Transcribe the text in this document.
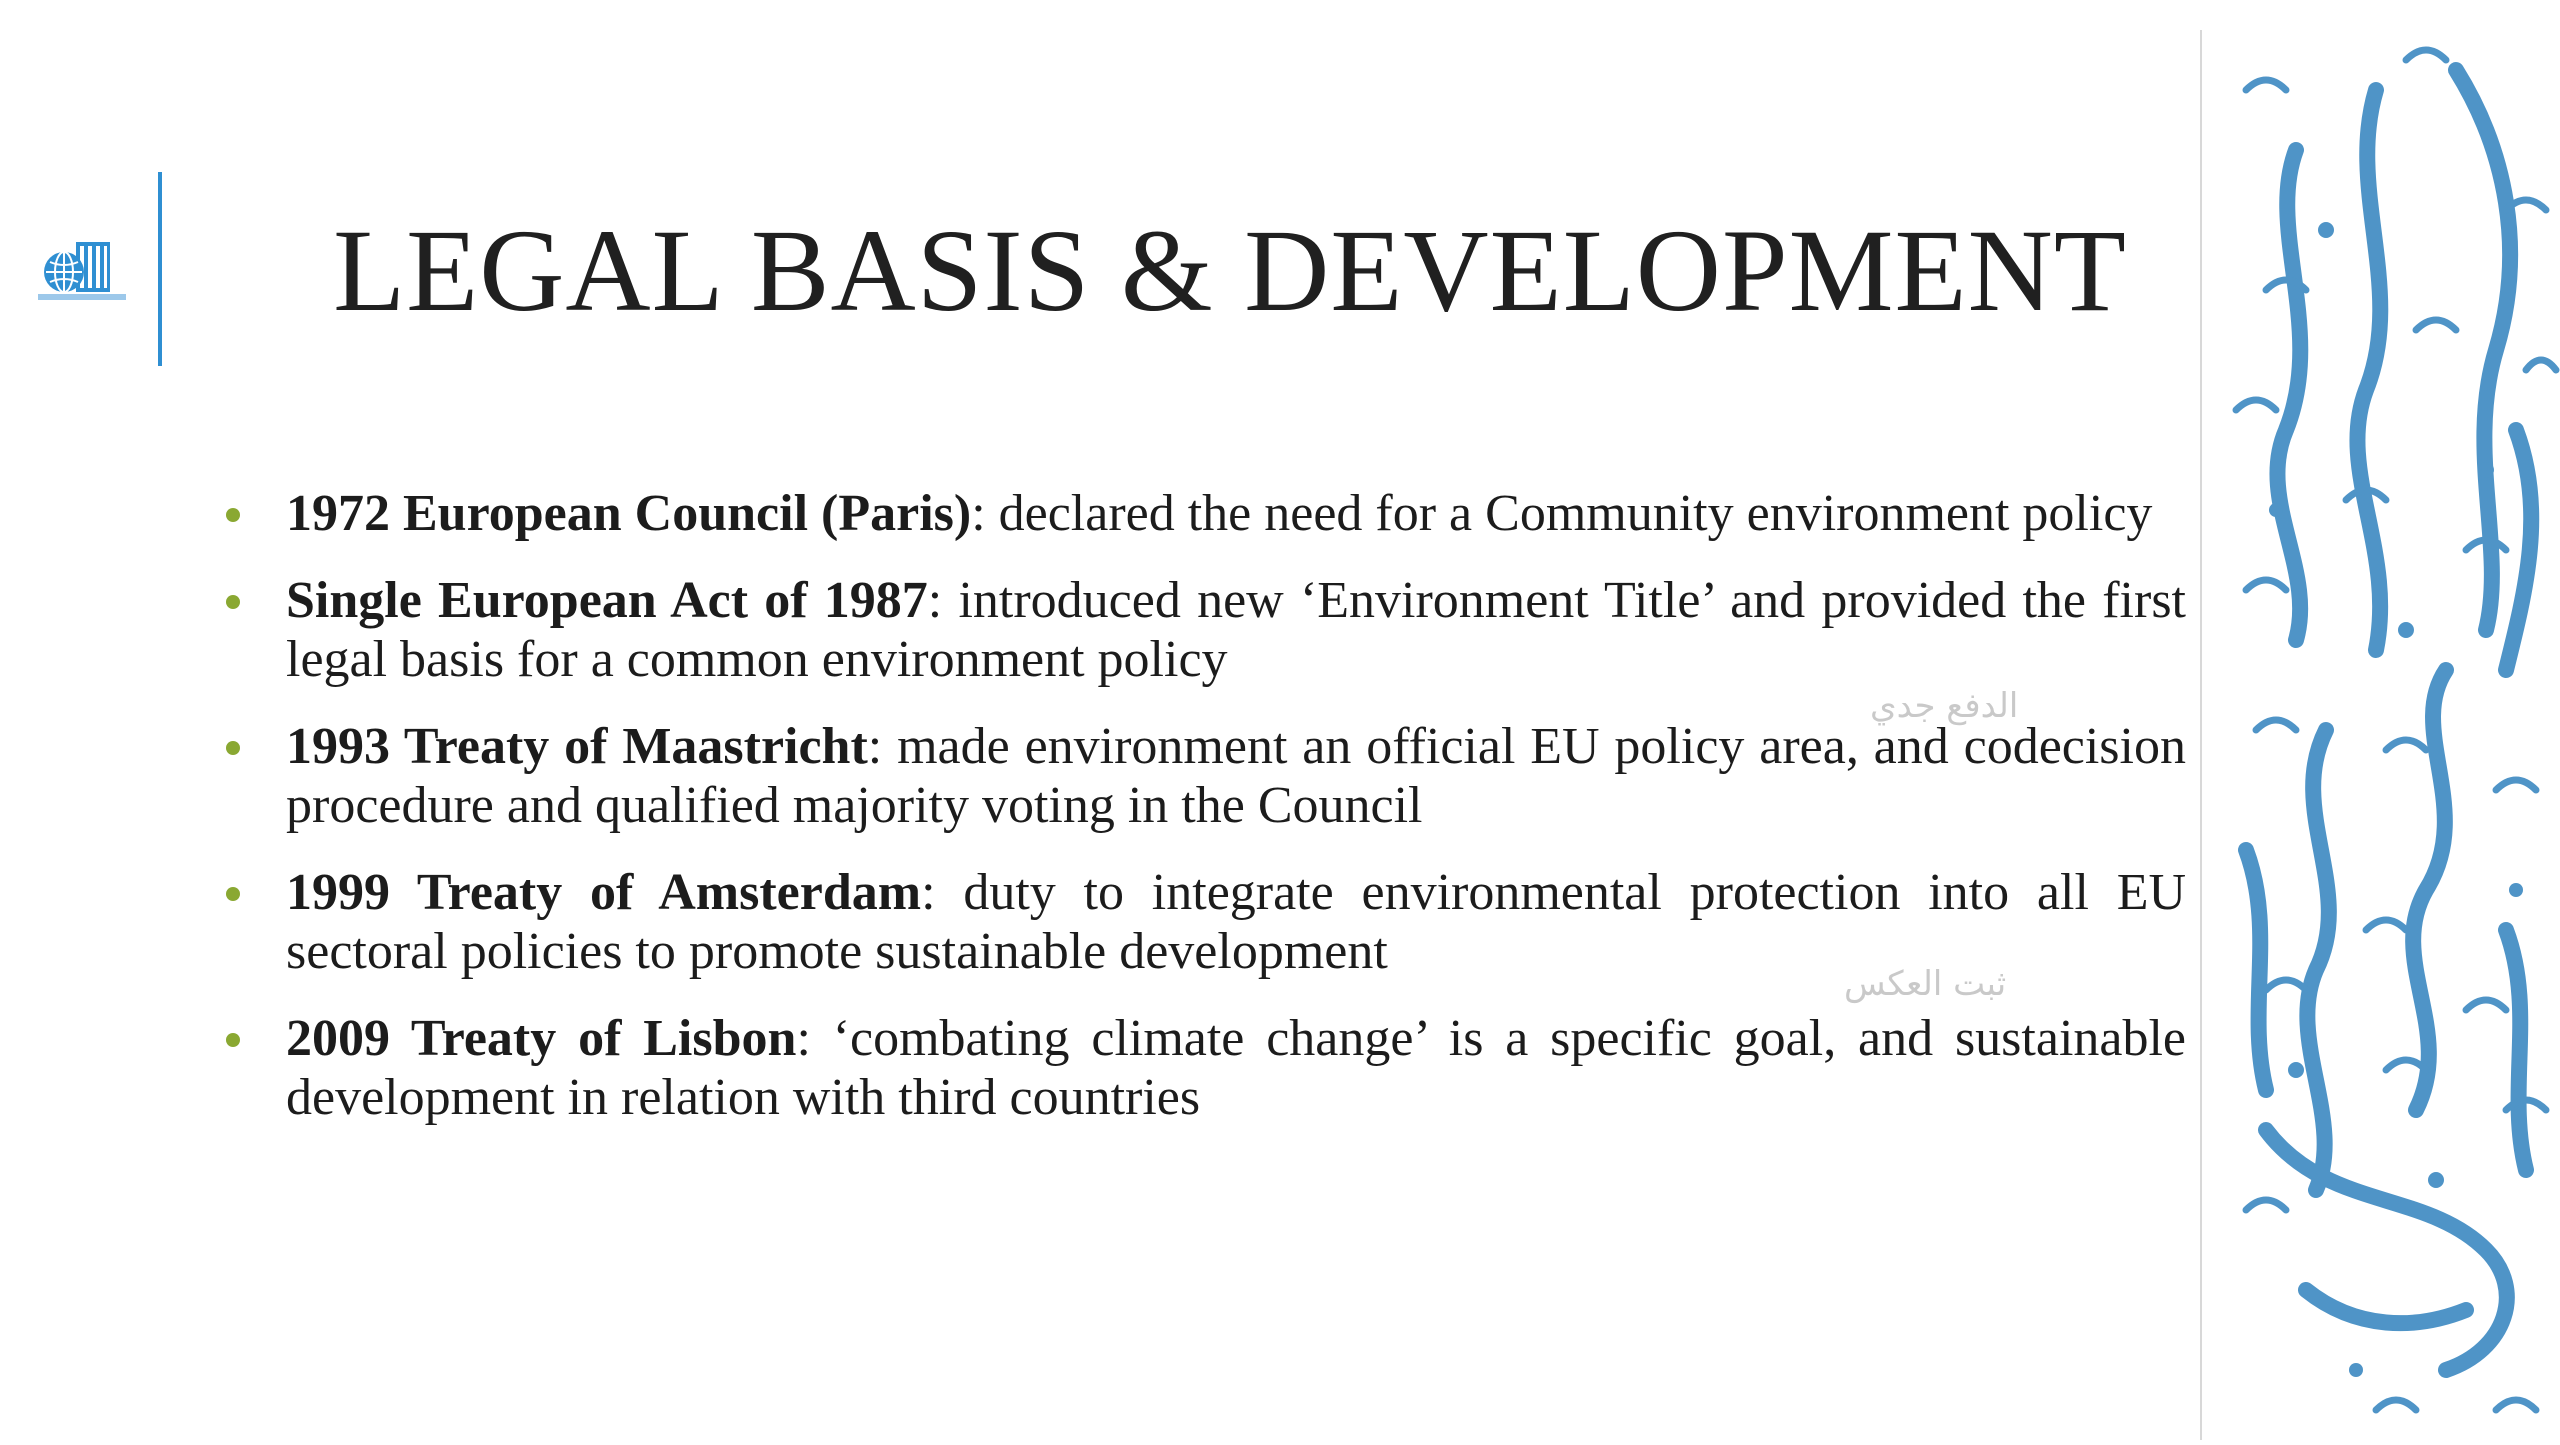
LEGAL BASIS & DEVELOPMENT
1972 European Council (Paris): declared the need for a Community environment policy
Single European Act of 1987: introduced new ‘Environment Title’ and provided the first legal basis for a common environment policy
1993 Treaty of Maastricht: made environment an official EU policy area, and codecision procedure and qualified majority voting in the Council
1999 Treaty of Amsterdam: duty to integrate environmental protection into all EU sectoral policies to promote sustainable development
2009 Treaty of Lisbon: ‘combating climate change’ is a specific goal, and sustainable development in relation with third countries
الدفع جدي
ثبت العكس
